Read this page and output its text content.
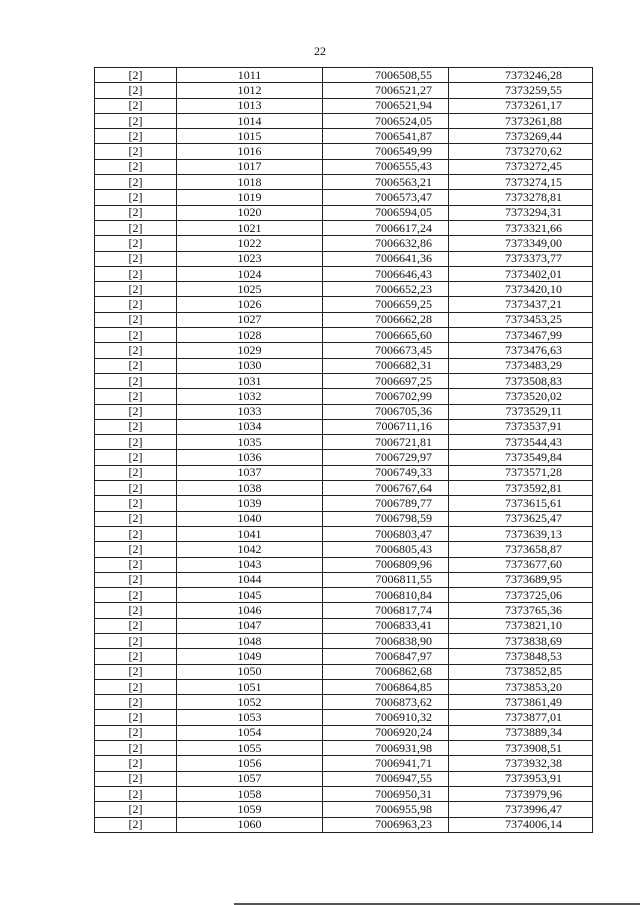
22
[2]	1011	7006508,55	7373246,28
[2]	1012	7006521,27	7373259,55
[2]	1013	7006521,94	7373261,17
[2]	1014	7006524,05	7373261,88
[2]	1015	7006541,87	7373269,44
[2]	1016	7006549,99	7373270,62
[2]	1017	7006555,43	7373272,45
[2]	1018	7006563,21	7373274,15
[2]	1019	7006573,47	7373278,81
[2]	1020	7006594,05	7373294,31
[2]	1021	7006617,24	7373321,66
[2]	1022	7006632,86	7373349,00
[2]	1023	7006641,36	7373373,77
[2]	1024	7006646,43	7373402,01
[2]	1025	7006652,23	7373420,10
[2]	1026	7006659,25	7373437,21
[2]	1027	7006662,28	7373453,25
[2]	1028	7006665,60	7373467,99
[2]	1029	7006673,45	7373476,63
[2]	1030	7006682,31	7373483,29
[2]	1031	7006697,25	7373508,83
[2]	1032	7006702,99	7373520,02
[2]	1033	7006705,36	7373529,11
[2]	1034	7006711,16	7373537,91
[2]	1035	7006721,81	7373544,43
[2]	1036	7006729,97	7373549,84
[2]	1037	7006749,33	7373571,28
[2]	1038	7006767,64	7373592,81
[2]	1039	7006789,77	7373615,61
[2]	1040	7006798,59	7373625,47
[2]	1041	7006803,47	7373639,13
[2]	1042	7006805,43	7373658,87
[2]	1043	7006809,96	7373677,60
[2]	1044	7006811,55	7373689,95
[2]	1045	7006810,84	7373725,06
[2]	1046	7006817,74	7373765,36
[2]	1047	7006833,41	7373821,10
[2]	1048	7006838,90	7373838,69
[2]	1049	7006847,97	7373848,53
[2]	1050	7006862,68	7373852,85
[2]	1051	7006864,85	7373853,20
[2]	1052	7006873,62	7373861,49
[2]	1053	7006910,32	7373877,01
[2]	1054	7006920,24	7373889,34
[2]	1055	7006931,98	7373908,51
[2]	1056	7006941,71	7373932,38
[2]	1057	7006947,55	7373953,91
[2]	1058	7006950,31	7373979,96
[2]	1059	7006955,98	7373996,47
[2]	1060	7006963,23	7374006,14
